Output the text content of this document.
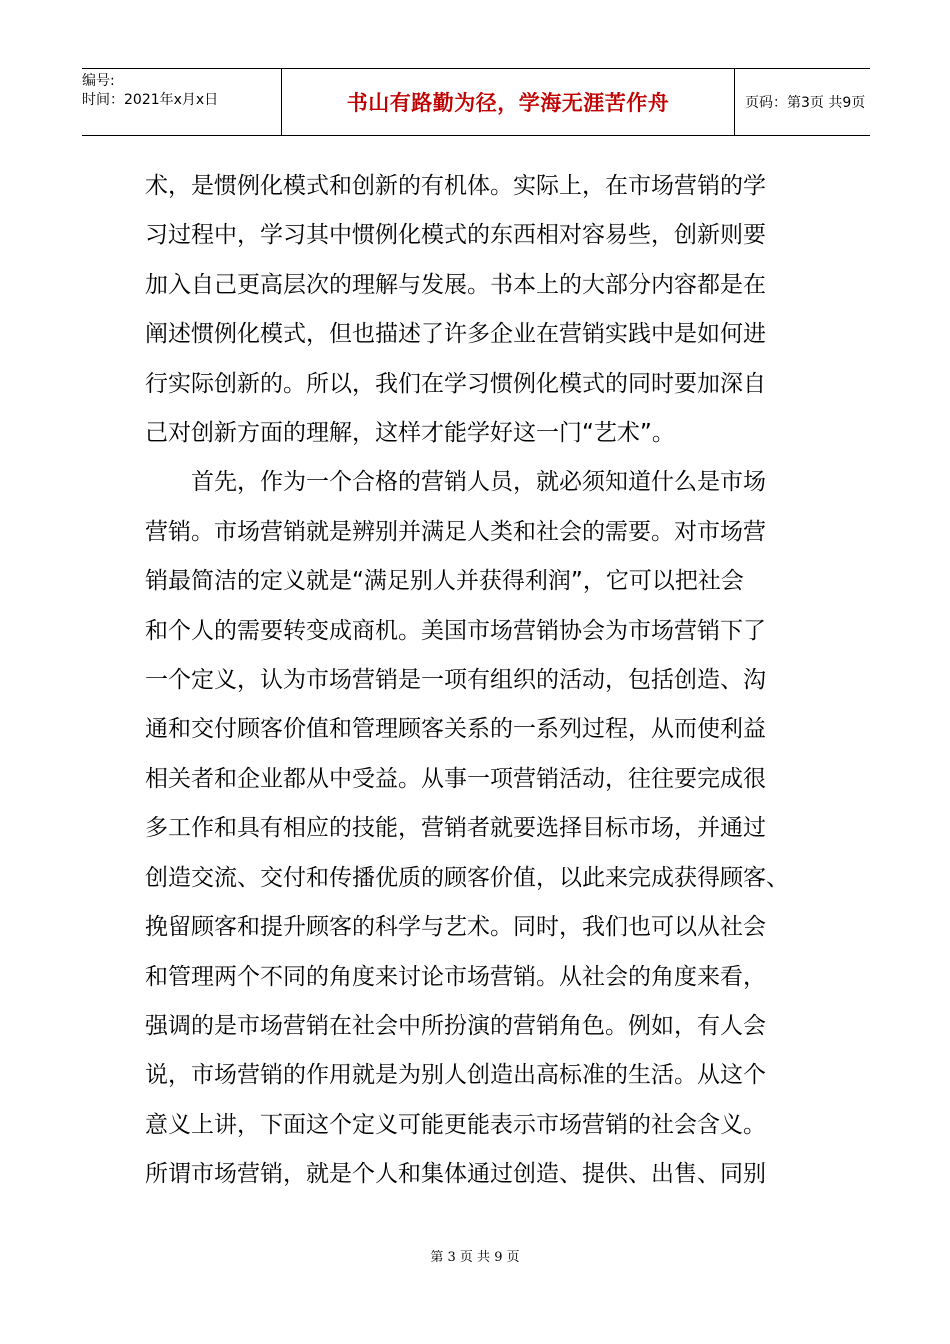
编号:
时间：2021年x月x日	书山有路勤为径，学海无涯苦作舟	页码：第3页 共9页

术，是惯例化模式和创新的有机体。实际上，在市场营销的学
习过程中，学习其中惯例化模式的东西相对容易些，创新则要
加入自己更高层次的理解与发展。书本上的大部分内容都是在
阐述惯例化模式，但也描述了许多企业在营销实践中是如何进
行实际创新的。所以，我们在学习惯例化模式的同时要加深自
己对创新方面的理解，这样才能学好这一门“艺术”。

首先，作为一个合格的营销人员，就必须知道什么是市场
营销。市场营销就是辨别并满足人类和社会的需要。对市场营
销最简洁的定义就是“满足别人并获得利润”，它可以把社会
和个人的需要转变成商机。美国市场营销协会为市场营销下了
一个定义，认为市场营销是一项有组织的活动，包括创造、沟
通和交付顾客价值和管理顾客关系的一系列过程，从而使利益
相关者和企业都从中受益。从事一项营销活动，往往要完成很
多工作和具有相应的技能，营销者就要选择目标市场，并通过
创造交流、交付和传播优质的顾客价值，以此来完成获得顾客、
挽留顾客和提升顾客的科学与艺术。同时，我们也可以从社会
和管理两个不同的角度来讨论市场营销。从社会的角度来看，
强调的是市场营销在社会中所扮演的营销角色。例如，有人会
说，市场营销的作用就是为别人创造出高标准的生活。从这个
意义上讲，下面这个定义可能更能表示市场营销的社会含义。
所谓市场营销，就是个人和集体通过创造、提供、出售、同别

第 3 页 共 9 页
